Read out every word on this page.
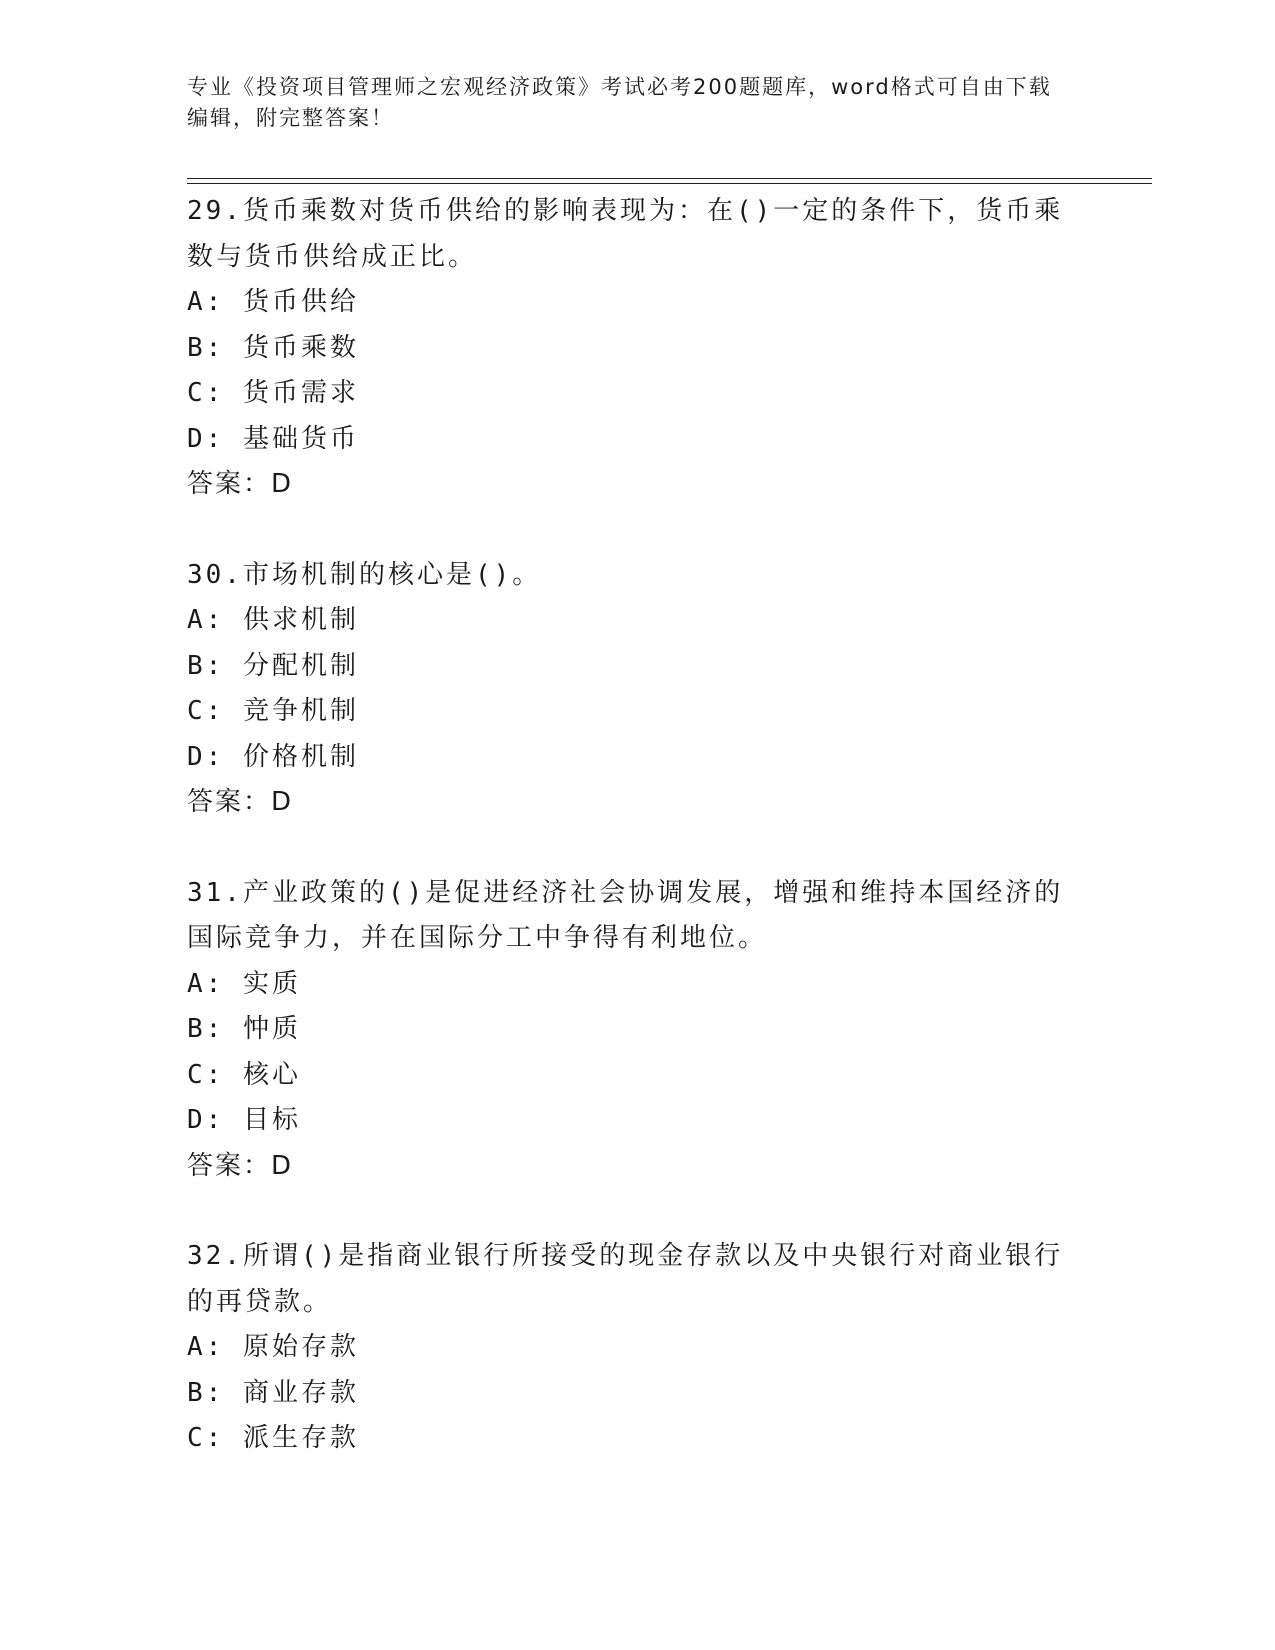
专业《投资项目管理师之宏观经济政策》考试必考200题题库，word格式可自由下载编辑，附完整答案！
29.货币乘数对货币供给的影响表现为：在()一定的条件下，货币乘数与货币供给成正比。
A: 货币供给
B: 货币乘数
C: 货币需求
D: 基础货币
答案：D
30.市场机制的核心是()。
A: 供求机制
B: 分配机制
C: 竞争机制
D: 价格机制
答案：D
31.产业政策的()是促进经济社会协调发展，增强和维持本国经济的国际竞争力，并在国际分工中争得有利地位。
A: 实质
B: 忡质
C: 核心
D: 目标
答案：D
32.所谓()是指商业银行所接受的现金存款以及中央银行对商业银行的再贷款。
A: 原始存款
B: 商业存款
C: 派生存款
